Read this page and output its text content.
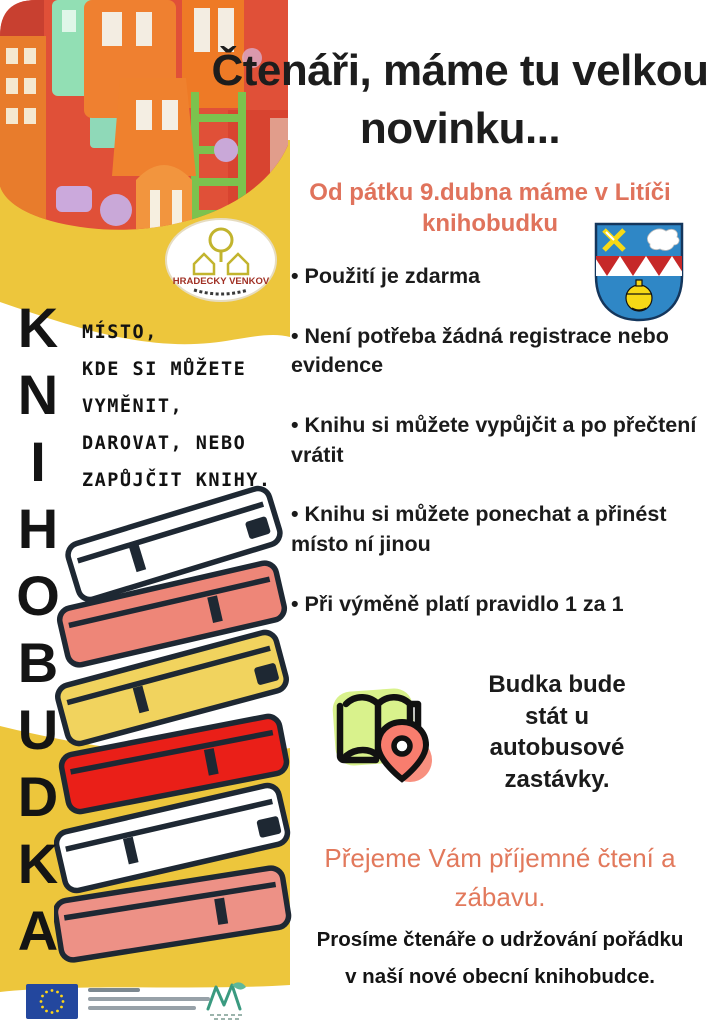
HRADECKY VENKOV
K
N
I
H
O
B
U
D
K
A
MÍSTO,
KDE SI MŮŽETE
VYMĚNIT,
DAROVAT, NEBO
ZAPŮJČIT KNIHY.
Čtenáři, máme tu velkou
novinku...
Od pátku 9.dubna máme v Litíči
knihobudku
• Použití je zdarma
• Není potřeba žádná registrace nebo evidence
• Knihu si můžete vypůjčit a po přečtení vrátit
• Knihu si můžete ponechat a přinést místo ní jinou
• Při výměně platí pravidlo 1 za 1
Budka bude
stát u
autobusové
zastávky.
Přejeme Vám příjemné čtení a
zábavu.
Prosíme čtenáře o udržování pořádku
v naší nové obecní knihobudce.
